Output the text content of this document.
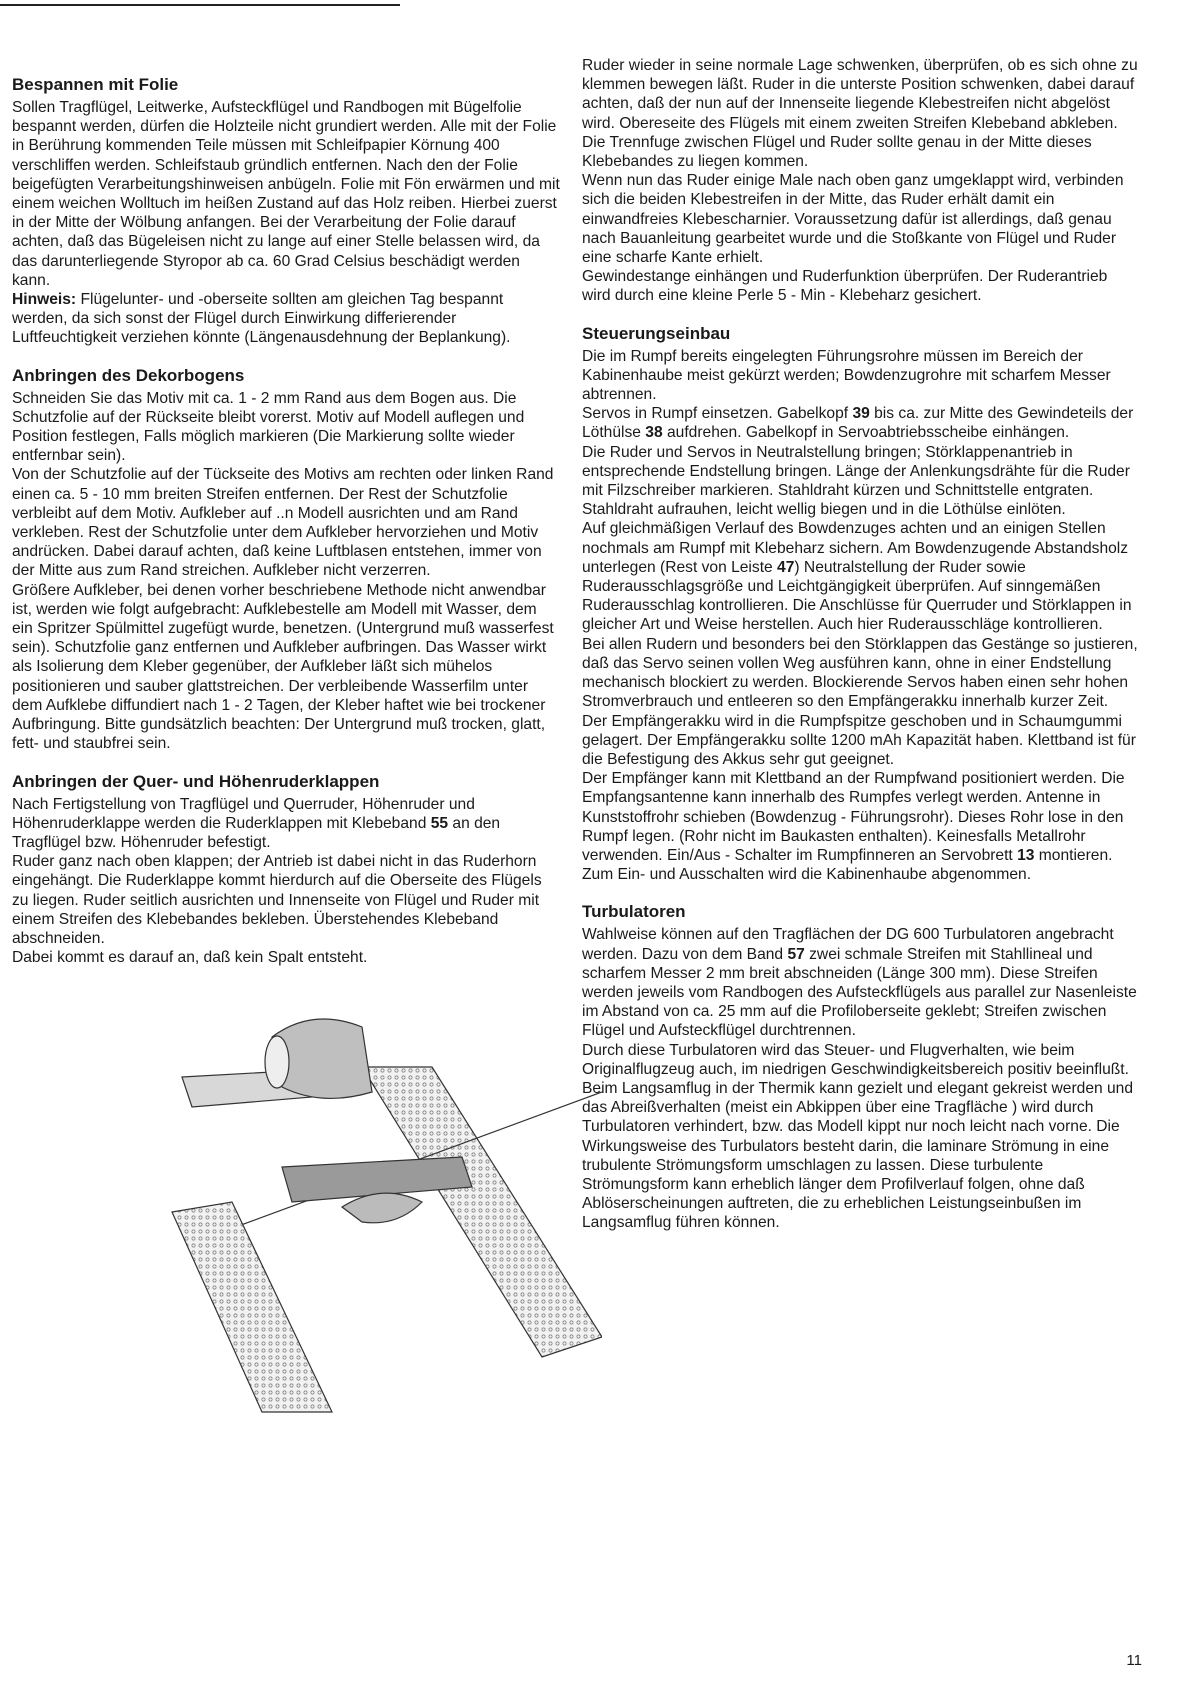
Bespannen mit Folie

Sollen Tragflügel, Leitwerke, Aufsteckflügel und Randbogen mit Bügelfolie bespannt werden, dürfen die Holzteile nicht grundiert werden. Alle mit der Folie in Berührung kommenden Teile müssen mit Schleifpapier Körnung 400 verschliffen werden. Schleifstaub gründlich entfernen. Nach den der Folie beigefügten Verarbeitungshinweisen anbügeln. Folie mit Fön erwärmen und mit einem weichen Wolltuch im heißen Zustand auf das Holz reiben. Hierbei zuerst in der Mitte der Wölbung anfangen. Bei der Verarbeitung der Folie darauf achten, daß das Bügeleisen nicht zu lange auf einer Stelle belassen wird, da das darunterliegende Styropor ab ca. 60 Grad Celsius beschädigt werden kann.

Hinweis: Flügelunter- und -oberseite sollten am gleichen Tag bespannt werden, da sich sonst der Flügel durch Einwirkung differierender Luftfeuchtigkeit verziehen könnte (Längenausdehnung der Beplankung).

Anbringen des Dekorbogens

Schneiden Sie das Motiv mit ca. 1 - 2 mm Rand aus dem Bogen aus. Die Schutzfolie auf der Rückseite bleibt vorerst. Motiv auf Modell auflegen und Position festlegen, Falls möglich markieren (Die Markierung sollte wieder entfernbar sein).

Von der Schutzfolie auf der Tückseite des Motivs am rechten oder linken Rand einen ca. 5 - 10 mm breiten Streifen entfernen. Der Rest der Schutzfolie verbleibt auf dem Motiv. Aufkleber auf ..n Modell ausrichten und am Rand verkleben. Rest der Schutzfolie unter dem Aufkleber hervorziehen und Motiv andrücken. Dabei darauf achten, daß keine Luftblasen entstehen, immer von der Mitte aus zum Rand streichen. Aufkleber nicht verzerren.

Größere Aufkleber, bei denen vorher beschriebene Methode nicht anwendbar ist, werden wie folgt aufgebracht: Aufklebestelle am Modell mit Wasser, dem ein Spritzer Spülmittel zugefügt wurde, benetzen. (Untergrund muß wasserfest sein). Schutzfolie ganz entfernen und Aufkleber aufbringen. Das Wasser wirkt als Isolierung dem Kleber gegenüber, der Aufkleber läßt sich mühelos positionieren und sauber glattstreichen. Der verbleibende Wasserfilm unter dem Aufklebe diffundiert nach 1 - 2 Tagen, der Kleber haftet wie bei trockener Aufbringung. Bitte gundsätzlich beachten: Der Untergrund muß trocken, glatt, fett- und staubfrei sein.

Anbringen der Quer- und Höhenruderklappen

Nach Fertigstellung von Tragflügel und Querruder, Höhenruder und Höhenruderklappe werden die Ruderklappen mit Klebeband 55 an den Tragflügel bzw. Höhenruder befestigt.

Ruder ganz nach oben klappen; der Antrieb ist dabei nicht in das Ruderhorn eingehängt. Die Ruderklappe kommt hierdurch auf die Oberseite des Flügels zu liegen. Ruder seitlich ausrichten und Innenseite von Flügel und Ruder mit einem Streifen des Klebebandes bekleben. Überstehendes Klebeband abschneiden.

Dabei kommt es darauf an, daß kein Spalt entsteht.

Ruder wieder in seine normale Lage schwenken, überprüfen, ob es sich ohne zu klemmen bewegen läßt. Ruder in die unterste Position schwenken, dabei darauf achten, daß der nun auf der Innenseite liegende Klebestreifen nicht abgelöst wird. Obereseite des Flügels mit einem zweiten Streifen Klebeband abkleben. Die Trennfuge zwischen Flügel und Ruder sollte genau in der Mitte dieses Klebebandes zu liegen kommen.

Wenn nun das Ruder einige Male nach oben ganz umgeklappt wird, verbinden sich die beiden Klebestreifen in der Mitte, das Ruder erhält damit ein einwandfreies Klebescharnier. Voraussetzung dafür ist allerdings, daß genau nach Bauanleitung gearbeitet wurde und die Stoßkante von Flügel und Ruder eine scharfe Kante erhielt.

Gewindestange einhängen und Ruderfunktion überprüfen. Der Ruderantrieb wird durch eine kleine Perle 5 - Min - Klebeharz gesichert.

Steuerungseinbau

Die im Rumpf bereits eingelegten Führungsrohre müssen im Bereich der Kabinenhaube meist gekürzt werden; Bowdenzugrohre mit scharfem Messer abtrennen.

Servos in Rumpf einsetzen. Gabelkopf 39 bis ca. zur Mitte des Gewindeteils der Löthülse 38 aufdrehen. Gabelkopf in Servoabtriebsscheibe einhängen.

Die Ruder und Servos in Neutralstellung bringen; Störklappenantrieb in entsprechende Endstellung bringen. Länge der Anlenkungsdrähte für die Ruder mit Filzschreiber markieren. Stahldraht kürzen und Schnittstelle entgraten.

Stahldraht aufrauhen, leicht wellig biegen und in die Löthülse einlöten.

Auf gleichmäßigen Verlauf des Bowdenzuges achten und an einigen Stellen nochmals am Rumpf mit Klebeharz sichern. Am Bowdenzugende Abstandsholz unterlegen (Rest von Leiste 47) Neutralstellung der Ruder sowie Ruderausschlagsgröße und Leichtgängigkeit überprüfen. Auf sinngemäßen Ruderausschlag kontrollieren. Die Anschlüsse für Querruder und Störklappen in gleicher Art und Weise herstellen. Auch hier Ruderausschläge kontrollieren.

Bei allen Rudern und besonders bei den Störklappen das Gestänge so justieren, daß das Servo seinen vollen Weg ausführen kann, ohne in einer Endstellung mechanisch blockiert zu werden. Blockierende Servos haben einen sehr hohen Stromverbrauch und entleeren so den Empfängerakku innerhalb kurzer Zeit.

Der Empfängerakku wird in die Rumpfspitze geschoben und in Schaumgummi gelagert. Der Empfängerakku sollte 1200 mAh Kapazität haben. Klettband ist für die Befestigung des Akkus sehr gut geeignet.

Der Empfänger kann mit Klettband an der Rumpfwand positioniert werden. Die Empfangsantenne kann innerhalb des Rumpfes verlegt werden. Antenne in Kunststoffrohr schieben (Bowdenzug - Führungsrohr). Dieses Rohr lose in den Rumpf legen. (Rohr nicht im Baukasten enthalten). Keinesfalls Metallrohr verwenden. Ein/Aus - Schalter im Rumpfinneren an Servobrett 13 montieren. Zum Ein- und Ausschalten wird die Kabinenhaube abgenommen.

Turbulatoren

Wahlweise können auf den Tragflächen der DG 600 Turbulatoren angebracht werden. Dazu von dem Band 57 zwei schmale Streifen mit Stahllineal und scharfem Messer 2 mm breit abschneiden (Länge 300 mm). Diese Streifen werden jeweils vom Randbogen des Aufsteckflügels aus parallel zur Nasenleiste im Abstand von ca. 25 mm auf die Profiloberseite geklebt; Streifen zwischen Flügel und Aufsteckflügel durchtrennen.

Durch diese Turbulatoren wird das Steuer- und Flugverhalten, wie beim Originalflugzeug auch, im niedrigen Geschwindigkeitsbereich positiv beeinflußt. Beim Langsamflug in der Thermik kann gezielt und elegant gekreist werden und das Abreißverhalten (meist ein Abkippen über eine Tragfläche ) wird durch Turbulatoren verhindert, bzw. das Modell kippt nur noch leicht nach vorne. Die Wirkungsweise des Turbulators besteht darin, die laminare Strömung in eine trubulente Strömungsform umschlagen zu lassen. Diese turbulente Strömungsform kann erheblich länger dem Profilverlauf folgen, ohne daß Ablöserscheinungen auftreten, die zu erheblichen Leistungseinbußen im Langsamflug führen können.

11
